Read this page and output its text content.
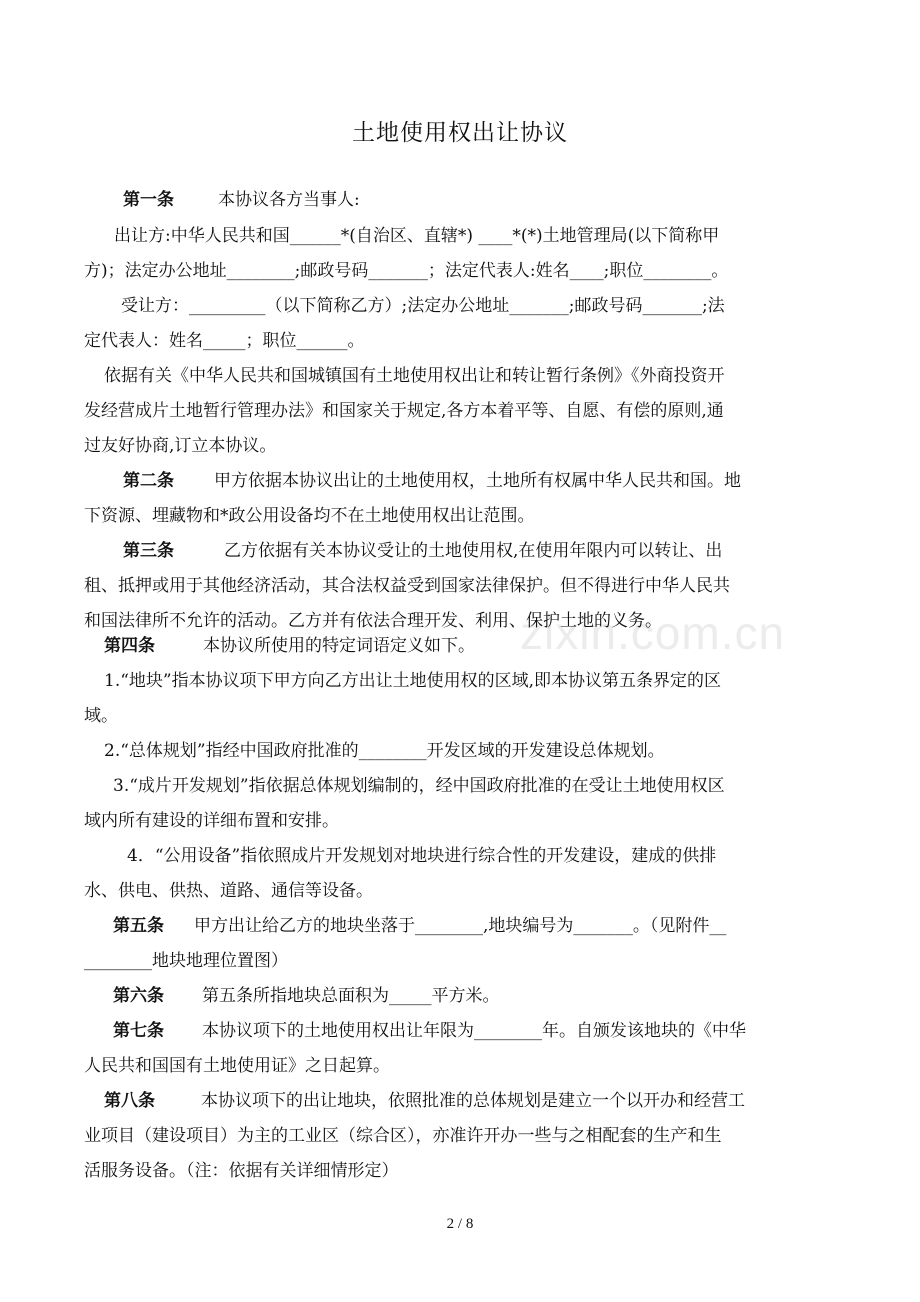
zixin.com.cn
土地使用权出让协议
第一条	本协议各方当事人:
出让方:中华人民共和国______*(自治区、直辖*) ____*(*)土地管理局(以下简称甲
方)；法定办公地址________;邮政号码_______；法定代表人:姓名____;职位________。
受让方：_________（以下简称乙方）;法定办公地址_______;邮政号码_______;法
定代表人：姓名_____；职位______。
依据有关《中华人民共和国城镇国有土地使用权出让和转让暂行条例》《外商投资开
发经营成片土地暂行管理办法》和国家关于规定,各方本着平等、自愿、有偿的原则,通
过友好协商,订立本协议。
第二条 甲方依据本协议出让的土地使用权，土地所有权属中华人民共和国。地
下资源、埋藏物和*政公用设备均不在土地使用权出让范围。
第三条	乙方依据有关本协议受让的土地使用权,在使用年限内可以转让、出
租、抵押或用于其他经济活动，其合法权益受到国家法律保护。但不得进行中华人民共
和国法律所不允许的活动。乙方并有依法合理开发、利用、保护土地的义务。
第四条	本协议所使用的特定词语定义如下。
1.“地块”指本协议项下甲方向乙方出让土地使用权的区域,即本协议第五条界定的区
域。
2.“总体规划”指经中国政府批准的________开发区域的开发建设总体规划。
3.“成片开发规划”指依据总体规划编制的，经中国政府批准的在受让土地使用权区
域内所有建设的详细布置和安排。
4．“公用设备”指依照成片开发规划对地块进行综合性的开发建设，建成的供排
水、供电、供热、道路、通信等设备。
第五条 甲方出让给乙方的地块坐落于________,地块编号为_______。（见附件__
________地块地理位置图）
第六条 第五条所指地块总面积为_____平方米。
第七条 本协议项下的土地使用权出让年限为________年。自颁发该地块的《中华
人民共和国国有土地使用证》之日起算。
第八条	本协议项下的出让地块，依照批准的总体规划是建立一个以开办和经营工
业项目（建设项目）为主的工业区（综合区），亦准许开办一些与之相配套的生产和生
活服务设备。（注：依据有关详细情形定）
2 / 8
